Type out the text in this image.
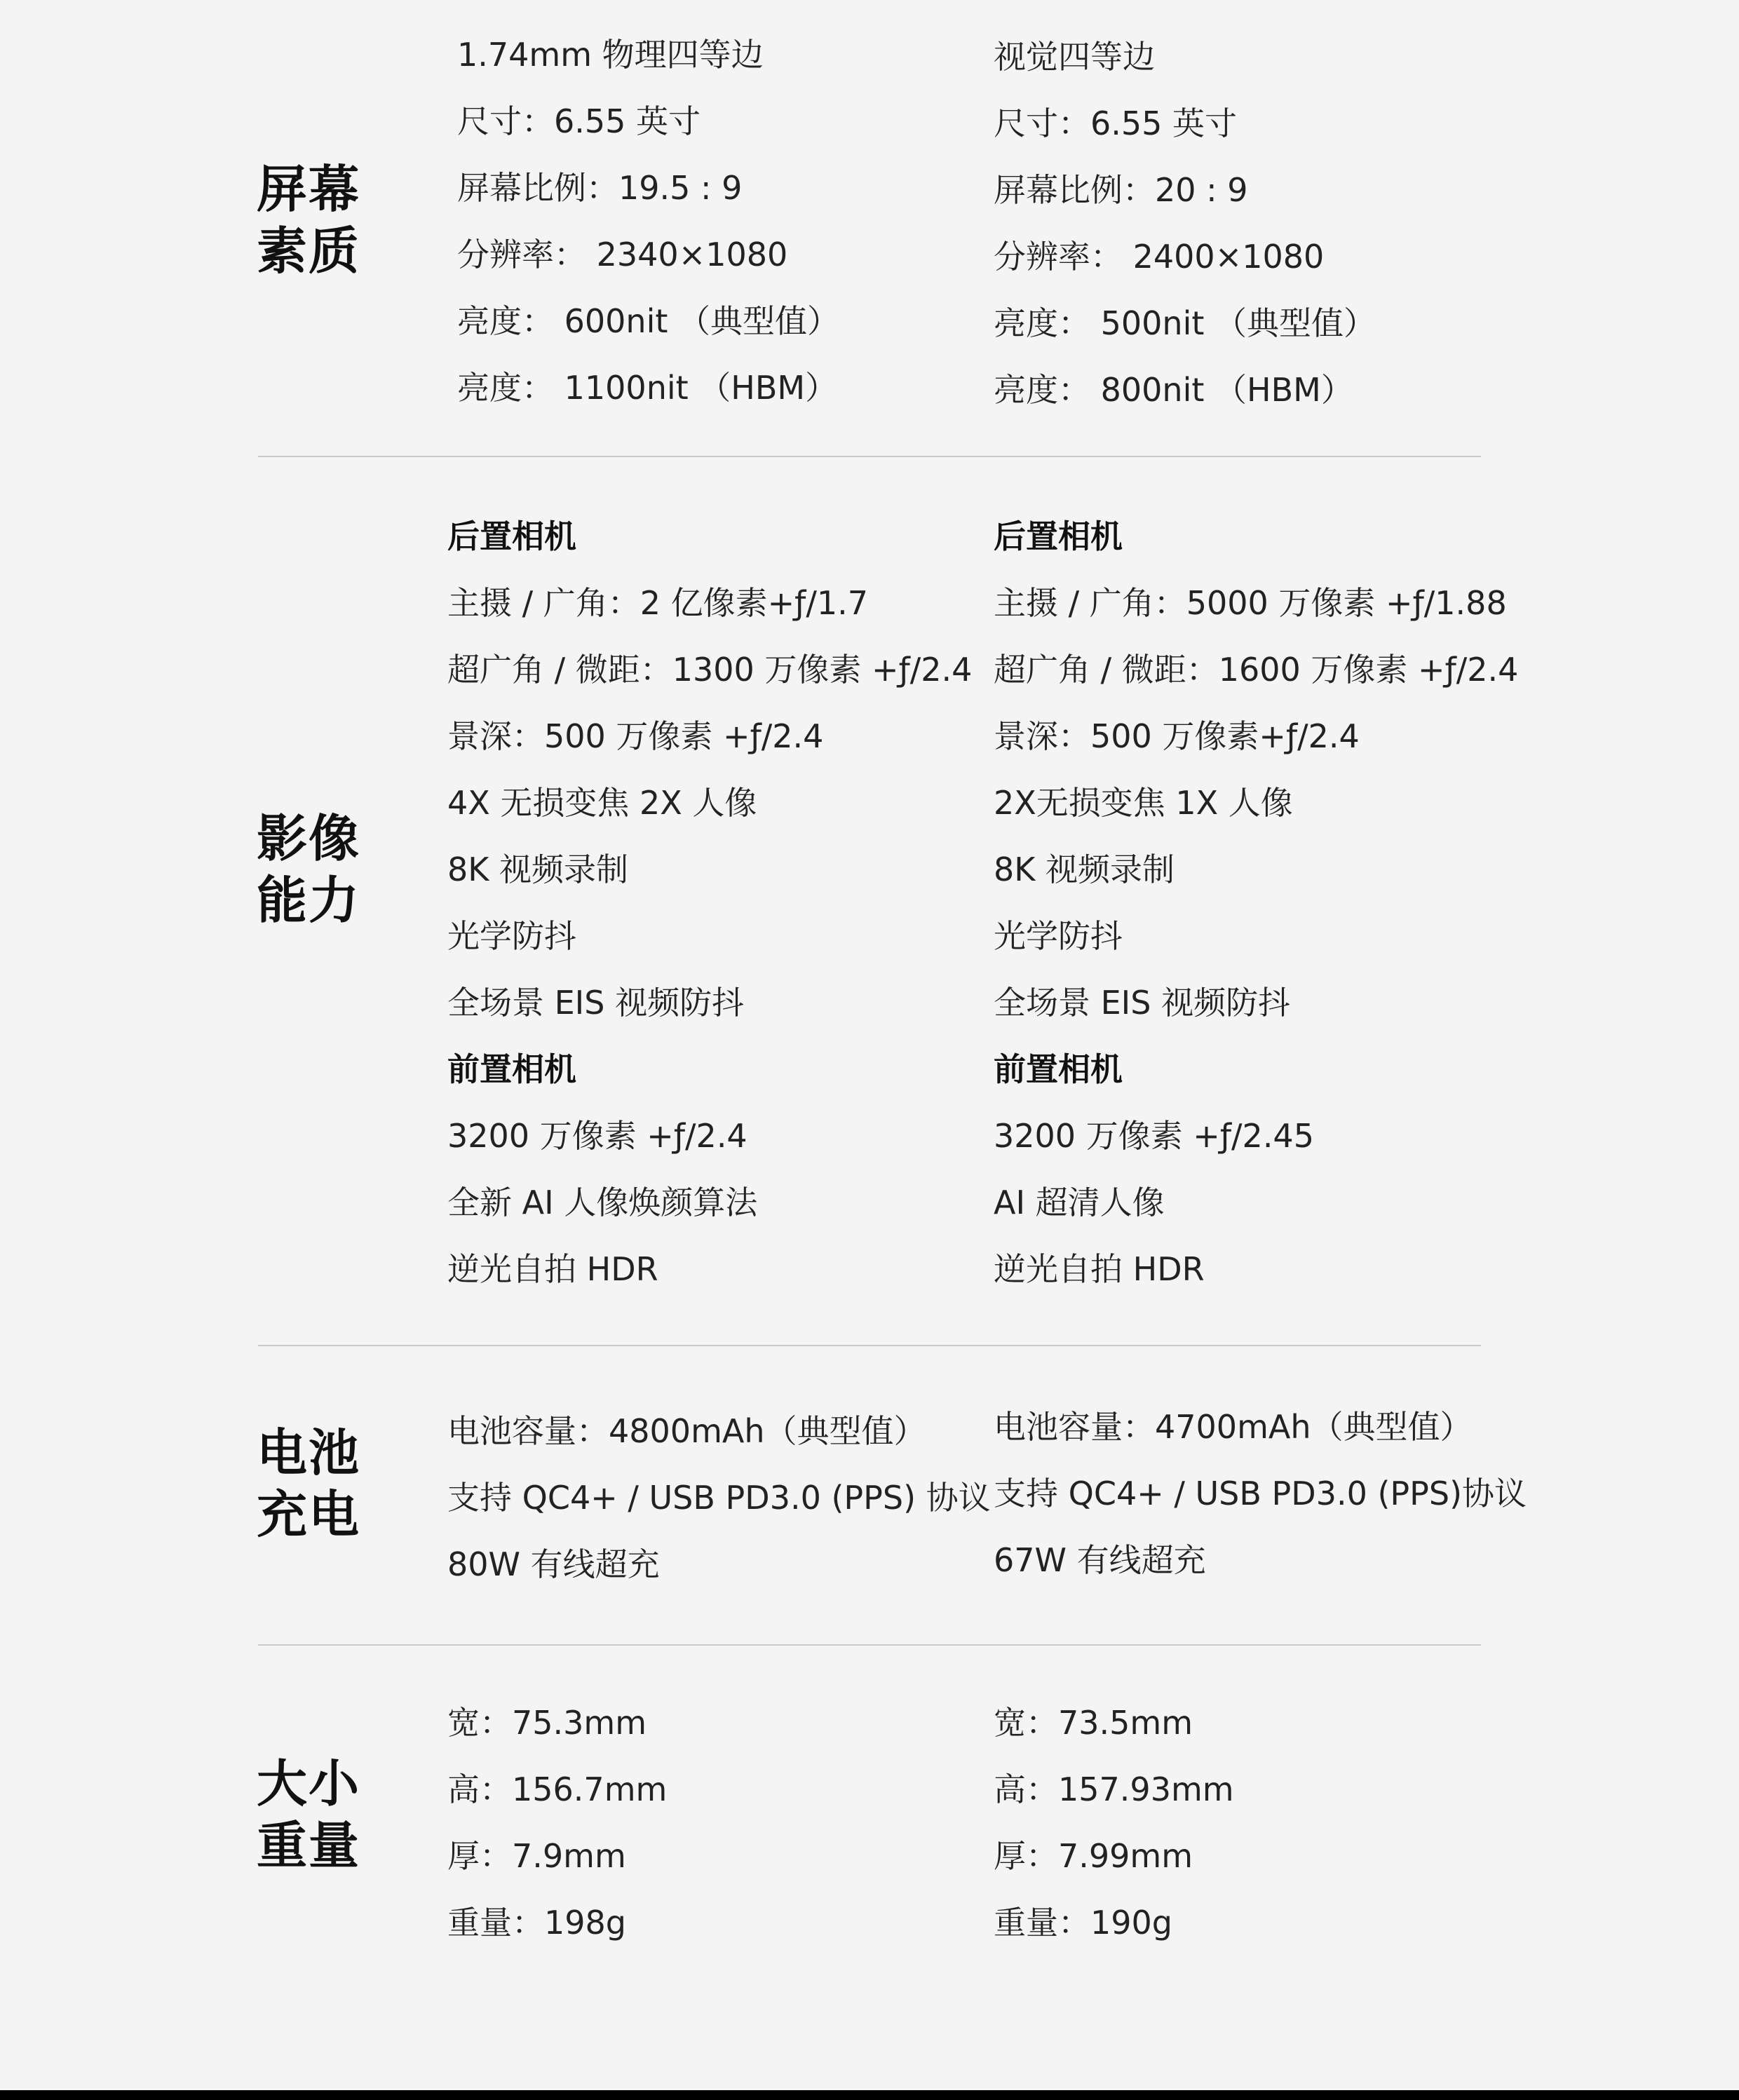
屏幕
素质
1.74mm 物理四等边
尺寸：6.55 英寸
屏幕比例：19.5 : 9
分辨率： 2340×1080
亮度： 600nit （典型值）
亮度： 1100nit （HBM）
视觉四等边
尺寸：6.55 英寸
屏幕比例：20 : 9
分辨率： 2400×1080
亮度： 500nit （典型值）
亮度： 800nit （HBM）
影像
能力
后置相机
主摄 / 广角：2 亿像素+ƒ/1.7
超广角 / 微距：1300 万像素 +ƒ/2.4
景深：500 万像素 +ƒ/2.4
4X 无损变焦 2X 人像
8K 视频录制
光学防抖
全场景 EIS 视频防抖
前置相机
3200 万像素 +ƒ/2.4
全新 AI 人像焕颜算法
逆光自拍 HDR
后置相机
主摄 / 广角：5000 万像素 +ƒ/1.88
超广角 / 微距：1600 万像素 +ƒ/2.4
景深：500 万像素+ƒ/2.4
2X无损变焦 1X 人像
8K 视频录制
光学防抖
全场景 EIS 视频防抖
前置相机
3200 万像素 +ƒ/2.45
AI 超清人像
逆光自拍 HDR
电池
充电
电池容量：4800mAh（典型值）
支持 QC4+ / USB PD3.0 (PPS) 协议
80W 有线超充
电池容量：4700mAh（典型值）
支持 QC4+ / USB PD3.0 (PPS)协议
67W 有线超充
大小
重量
宽：75.3mm
高：156.7mm
厚：7.9mm
重量：198g
宽：73.5mm
高：157.93mm
厚：7.99mm
重量：190g
